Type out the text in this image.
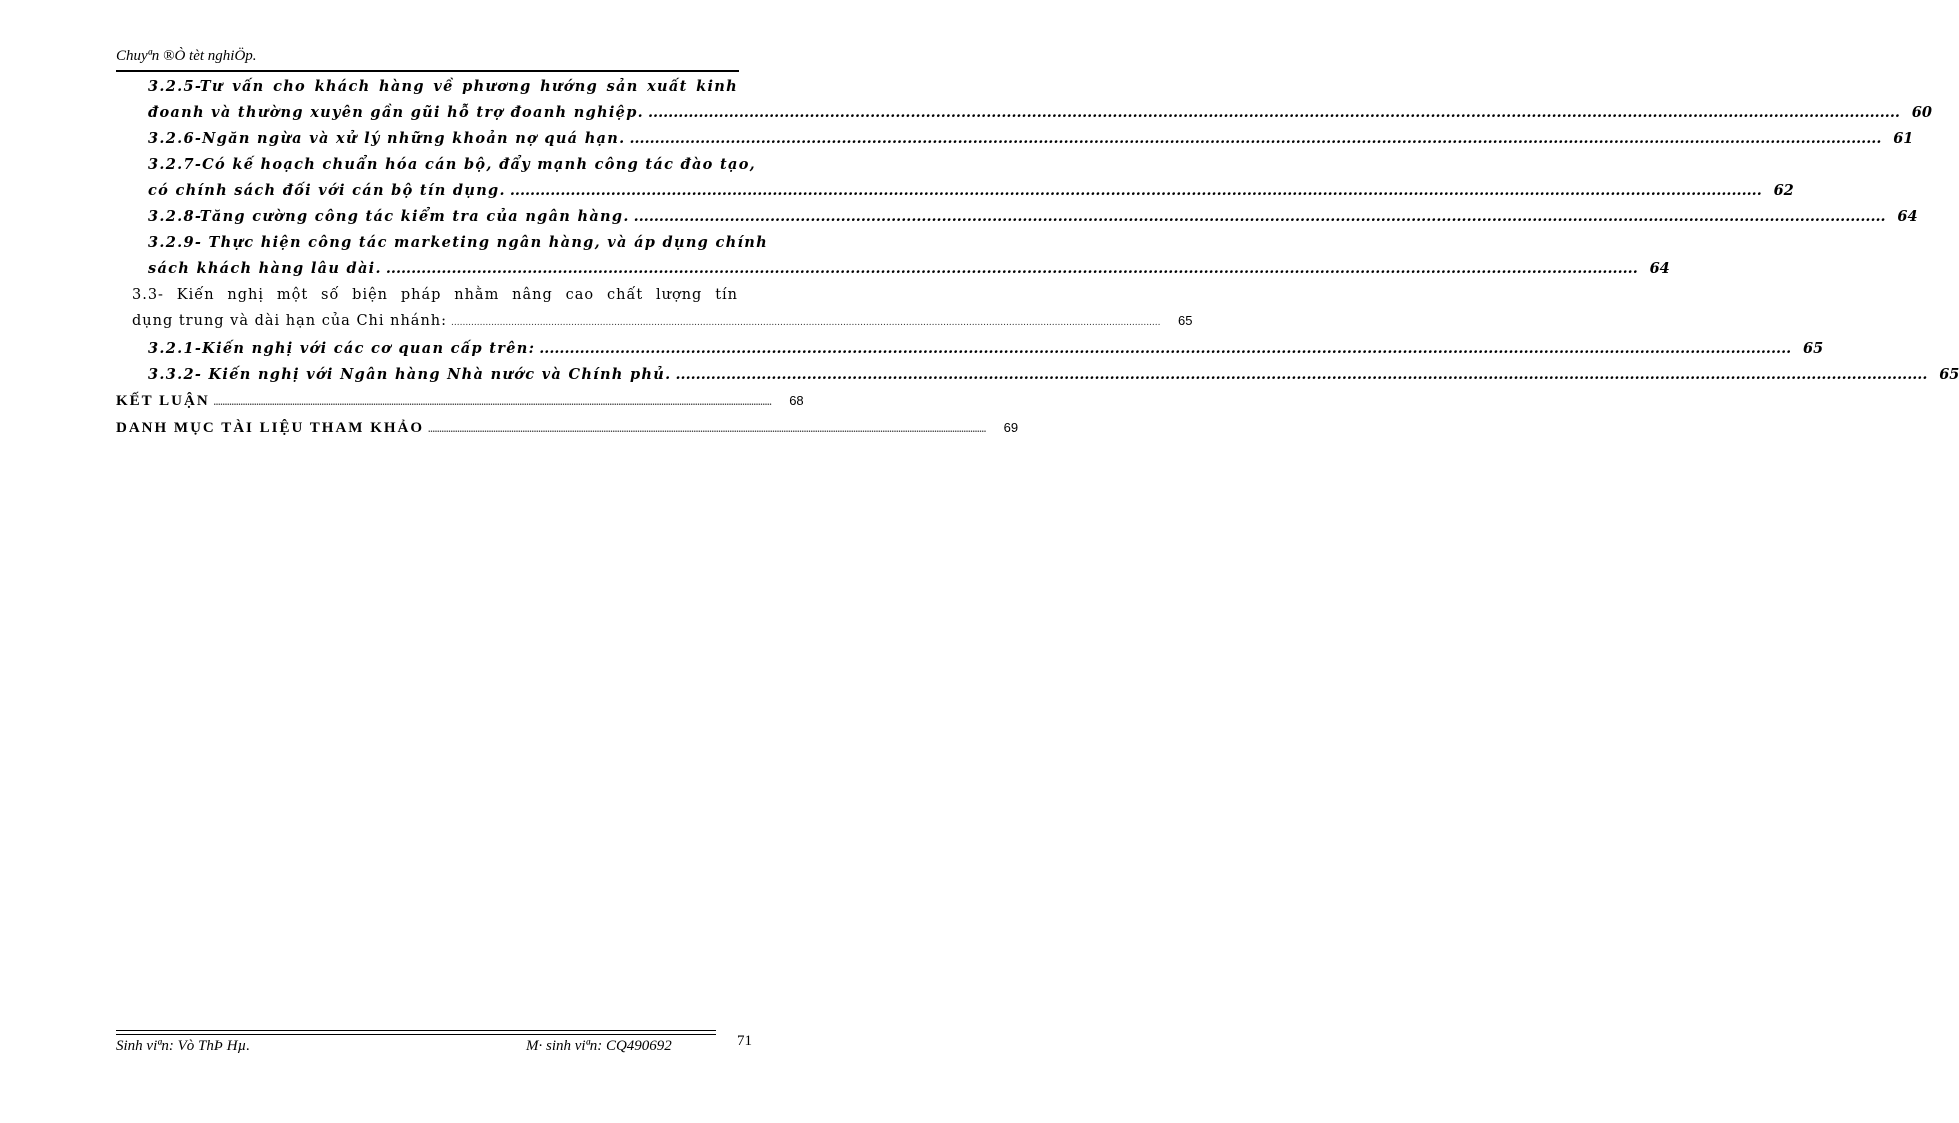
Chuyªn ®Ò tèt nghiÖp.
3.2.5-Tư vấn cho khách hàng về phương hướng sản xuất kinh
đoanh và thường xuyên gần gũi hỗ trợ đoanh nghiệp. .....	60
3.2.6-Ngăn ngừa và xử lý những khoản nợ quá hạn. .....	61
3.2.7-Có kế hoạch chuẩn hóa cán bộ, đẩy mạnh công tác đào tạo,
có chính sách đối với cán bộ tín dụng. .....	62
3.2.8-Tăng cường công tác kiểm tra của ngân hàng. .....	64
3.2.9- Thực hiện công tác marketing ngân hàng, và áp dụng chính
sách khách hàng lâu dài. .....	64
3.3- Kiến nghị một số biện pháp nhằm nâng cao chất lượng tín
dụng trung và dài hạn của Chi nhánh: .....	65
3.2.1-Kiến nghị với các cơ quan cấp trên: .....	65
3.3.2- Kiến nghị với Ngân hàng Nhà nước và Chính phủ. .....	65
KẾT LUẬN .....	68
DANH MỤC TÀI LIỆU THAM KHẢO .....	69
Sinh viªn: Vò ThÞ Hµ.	M· sinh viªn: CQ490692	71
